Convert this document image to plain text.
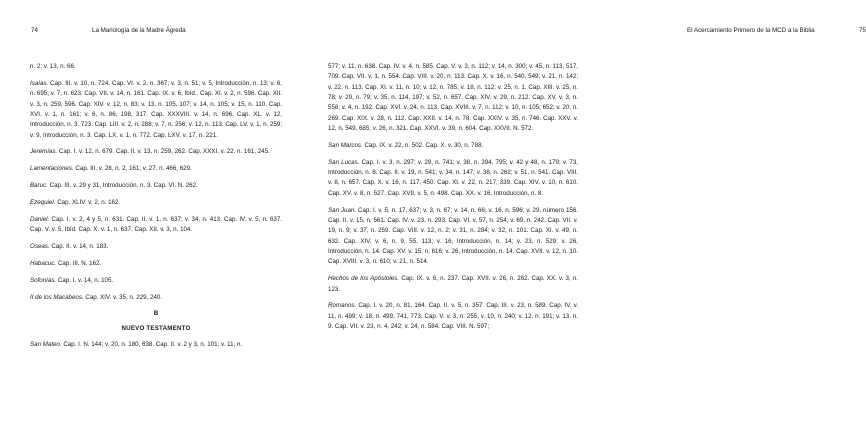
74	La Mariología de la Madre Ágreda

n. 2; v. 13, n. 66.

Isaías. Cap. III. v. 10, n. 724. Cap. VI. v. 2, n. 367; v. 3, n. 51; v. 5, Introducción, n. 13; v. 6, n. 695; v. 7, n. 623. Cap. VII. v. 14, n. 161. Cap. IX. v. 6, Ibíd.. Cap. XI. v. 2, n. 596. Cap. XII. v. 3, n. 259, 596. Cap. XIV. v. 12, n. 83; v. 13, n. 105, 107; v. 14, n. 105; v. 15, n. 110. Cap. XVI. v. 1, n. 161; v. 6, n. 86, 198, 317. Cap. XXXVIII. v. 14, n. 696. Cap. XL. v. 12, Introducción, n. 3, 723. Cap. LIII. v. 2, n. 288; v. 7, n. 256; v. 12, n. 113. Cap. LV. v. 1, n. 259; v. 9, Introducción, n. 3. Cap. LX. v. 1, n. 772. Cap. LXV. v. 17, n. 221.

Jeremías. Cap. I. v. 12, n. 679. Cap. II. v. 13, n. 259, 262. Cap. XXXI. v. 22, n. 161, 245.

Lamentaciones. Cap. III. v. 28, n. 2, 161; v. 27, n. 466, 629.

Baruc. Cap. III. v. 29 y 31, Introducción, n. 3. Cap. VI. N. 262.

Ezequiel. Cap. XLIV. v. 2, n. 162.

Daniel. Cap. I. v. 2, 4 y 5, n. 631. Cap. II. v. 1, n. 637; v. 34, n. 413. Cap. IV. v. 5, n. 637. Cap. V. v. 5, Ibíd. Cap. X. v. 1, n. 637. Cap. XII. v. 3, n. 104.

Oseas. Cap. II. v. 14, n. 183.

Habacuc. Cap. III. N. 162.

Sofonías. Cap. I. v. 14, n. 105.

II de los Macabeos. Cap. XIV. v. 35, n. 229, 240.

B
NUEVO TESTAMENTO

San Mateo. Cap. I. N. 144; v. 20, n. 180, 638. Cap. II. v. 2 y 3, n. 101; v. 11, n.

El Acercamiento Primero de la MCD a la Biblia	75

577; v. 11, n. 638. Cap. IV. v. 4, n. 585. Cap. V. v. 3, n. 112; v. 14, n. 300; v. 45, n. 113, 517, 709. Cap. VII. v. 1, n. 554. Cap. VIII. v. 20, n. 113. Cap. X. v. 16, n. 540, 549; v. 21, n. 142; v. 22, n. 113. Cap. XI. v. 11, n. 10; v. 12, n. 785; v. 18, n. 112; v. 25, n. 1. Cap. XIII. v. 25, n. 78; v. 29, n. 79; v. 35, n. 114, 197; v. 52, n. 657. Cap. XIV. v. 29, n. 212. Cap. XV. v. 3, n. 558; v. 4, n. 192. Cap. XVI. v. 24, n. 113. Cap. XVIII. v. 7, n. 112; v. 10, n. 105; 652; v. 20, n. 269. Cap. XIX. v. 28, n. 112. Cap. XXII. v. 14, n. 78. Cap. XXIV. v. 35, n. 746. Cap. XXV. v. 12, n. 549, 685; v. 26, n. 321. Cap. XXVI. v. 39, n. 604. Cap. XXVII. N. 572.

San Marcos. Cap. IX. v. 22, n. 502. Cap. X. v. 30, n. 788.

San Lucas. Cap. I. v. 3, n. 297; v. 29, n. 741; v. 38, n. 394, 795; v. 42 y 48, n. 179; v. 73, Introducción, n. 8. Cap. II. v. 19, n. 541; v. 34, n. 147; v. 38, n. 262; v. 51, n. 541. Cap. VIII. v. 8, n. 657. Cap. X. v. 16, n. 117, 450. Cap. XI. v. 22, n. 217, 339. Cap. XIV. v. 10, n. 610. Cap. XV. v. 8, n. 527. Cap. XVII. v. 5, n. 498. Cap. XX. v. 16, Introducción, n. 8.

San Juan. Cap. I. v. 5, n. 17, 637; v. 3, n. 67; v. 14, n. 66; v. 16, n. 596; v. 29, número 156. Cap. II. v. 15, n. 561. Cap. IV. v. 23, n. 293. Cap. VI. v. 57, n. 254; v. 69, n. 242. Cap. VII. v. 19, n. 9; v. 37, n. 259. Cap. VIII. v. 12, n. 2; v. 31, n. 284; v. 32, n. 101. Cap. XI. v. 49, n. 632. Cap. XIV. v. 6, n. 9, 55, 113; v. 16, Introducción, n. 14; v. 23, n. 529; v. 26, Introducción, n. 14. Cap. XV. v. 15, n. 616; v. 26, Introducción, n. 14. Cap. XVII. v. 12, n. 10. Cap. XVIII. v. 3, n. 610; v. 21, n. 514.

Hechos de los Apóstoles. Cap. IX. v. 6, n. 237. Cap. XVII. v. 26, n. 262. Cap. XX. v. 3, n. 123.

Romanos. Cap. I. v. 20, n. 81, 164. Cap. II. v. 5, n. 357. Cap. III. v. 23, n. 589. Cap. IV. v. 11, n. 499; v. 18, n. 499, 741, 773. Cap. V. v. 3, n. 255; v. 10, n. 240; v. 12, n. 191; v. 13, n. 9. Cap. VII. v. 23, n. 4, 242; v. 24, n. 584. Cap. VIII. N. 597;
